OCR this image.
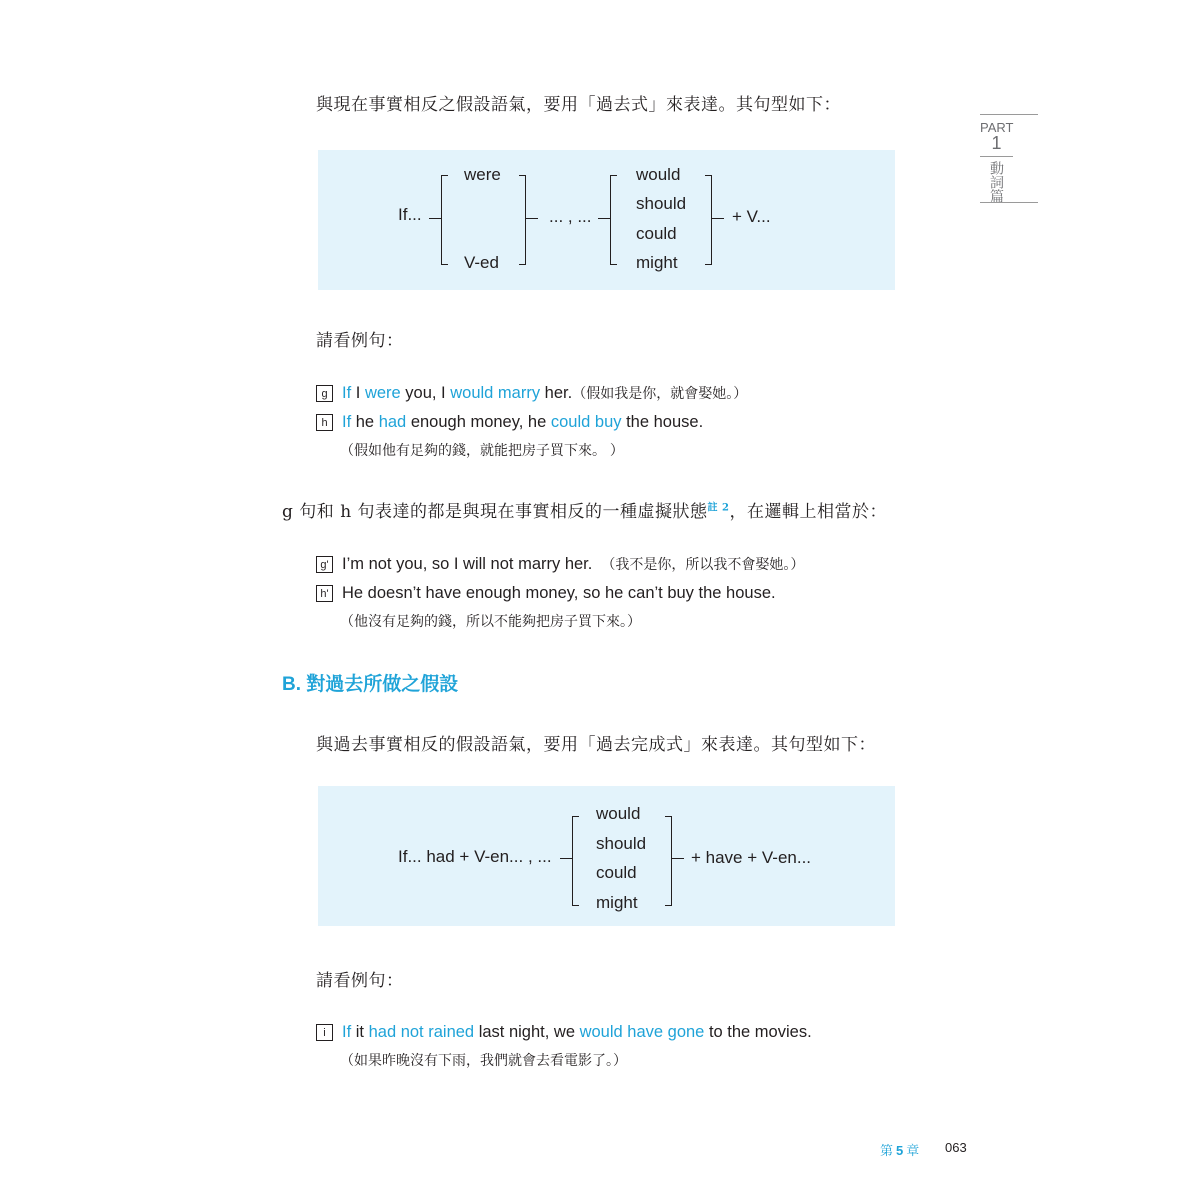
PART
1
動詞篇
與現在事實相反之假設語氣，要用「過去式」來表達。其句型如下：
If...
were
V-ed
... , ...
would
should
could
might
+ V...
請看例句：
g If I were you, I would marry her.（假如我是你，就會娶她。）
h If he had enough money, he could buy the house.
（假如他有足夠的錢，就能把房子買下來。 ）
g 句和 h 句表達的都是與現在事實相反的一種虛擬狀態$^{註 2}$，在邏輯上相當於：
g' I’m not you, so I will not marry her. （我不是你，所以我不會娶她。）
h' He doesn’t have enough money, so he can’t buy the house.
（他沒有足夠的錢，所以不能夠把房子買下來。）
B. 對過去所做之假設
與過去事實相反的假設語氣，要用「過去完成式」來表達。其句型如下：
If... had + V-en... , ...
would
should
could
might
+ have + V-en...
請看例句：
i If it had not rained last night, we would have gone to the movies.
（如果昨晚沒有下雨，我們就會去看電影了。）
第 5 章 063
